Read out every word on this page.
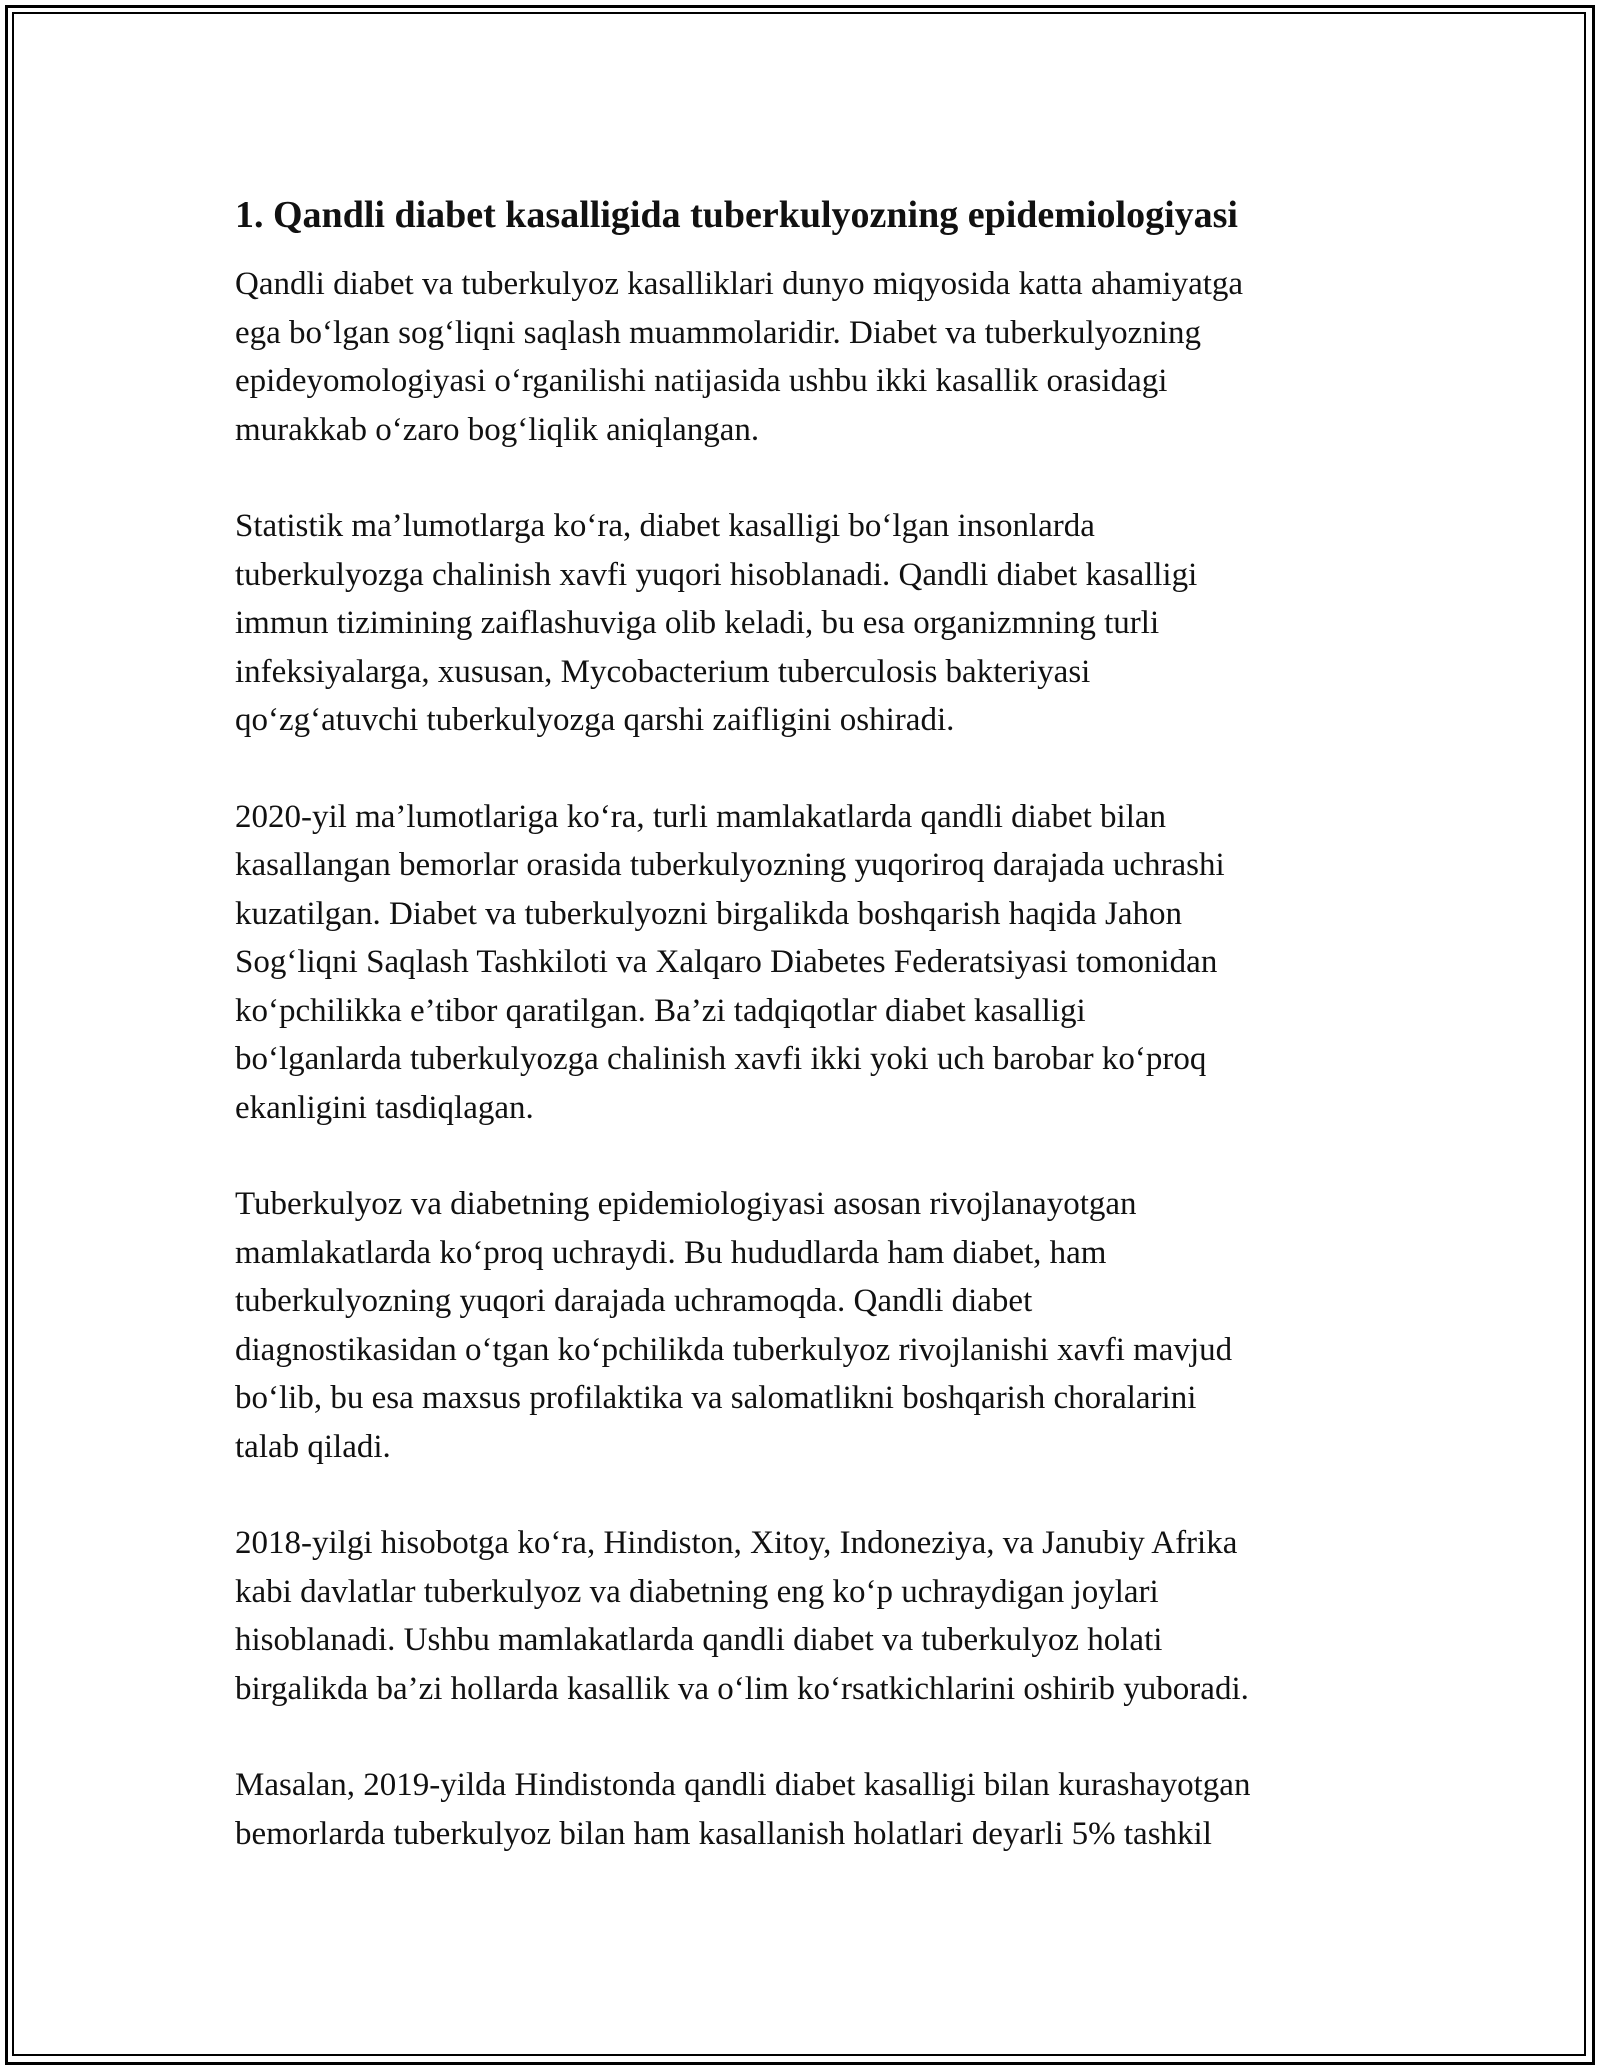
1. Qandli diabet kasalligida tuberkulyozning epidemiologiyasi

Qandli diabet va tuberkulyoz kasalliklari dunyo miqyosida katta ahamiyatga
ega bo‘lgan sog‘liqni saqlash muammolaridir. Diabet va tuberkulyozning
epideyomologiyasi o‘rganilishi natijasida ushbu ikki kasallik orasidagi
murakkab o‘zaro bog‘liqlik aniqlangan.

Statistik ma’lumotlarga ko‘ra, diabet kasalligi bo‘lgan insonlarda
tuberkulyozga chalinish xavfi yuqori hisoblanadi. Qandli diabet kasalligi
immun tizimining zaiflashuviga olib keladi, bu esa organizmning turli
infeksiyalarga, xususan, Mycobacterium tuberculosis bakteriyasi
qo‘zg‘atuvchi tuberkulyozga qarshi zaifligini oshiradi.

2020-yil ma’lumotlariga ko‘ra, turli mamlakatlarda qandli diabet bilan
kasallangan bemorlar orasida tuberkulyozning yuqoriroq darajada uchrashi
kuzatilgan. Diabet va tuberkulyozni birgalikda boshqarish haqida Jahon
Sog‘liqni Saqlash Tashkiloti va Xalqaro Diabetes Federatsiyasi tomonidan
ko‘pchilikka e’tibor qaratilgan. Ba’zi tadqiqotlar diabet kasalligi
bo‘lganlarda tuberkulyozga chalinish xavfi ikki yoki uch barobar ko‘proq
ekanligini tasdiqlagan.

Tuberkulyoz va diabetning epidemiologiyasi asosan rivojlanayotgan
mamlakatlarda ko‘proq uchraydi. Bu hududlarda ham diabet, ham
tuberkulyozning yuqori darajada uchramoqda. Qandli diabet
diagnostikasidan o‘tgan ko‘pchilikda tuberkulyoz rivojlanishi xavfi mavjud
bo‘lib, bu esa maxsus profilaktika va salomatlikni boshqarish choralarini
talab qiladi.

2018-yilgi hisobotga ko‘ra, Hindiston, Xitoy, Indoneziya, va Janubiy Afrika
kabi davlatlar tuberkulyoz va diabetning eng ko‘p uchraydigan joylari
hisoblanadi. Ushbu mamlakatlarda qandli diabet va tuberkulyoz holati
birgalikda ba’zi hollarda kasallik va o‘lim ko‘rsatkichlarini oshirib yuboradi.

Masalan, 2019-yilda Hindistonda qandli diabet kasalligi bilan kurashayotgan
bemorlarda tuberkulyoz bilan ham kasallanish holatlari deyarli 5% tashkil
